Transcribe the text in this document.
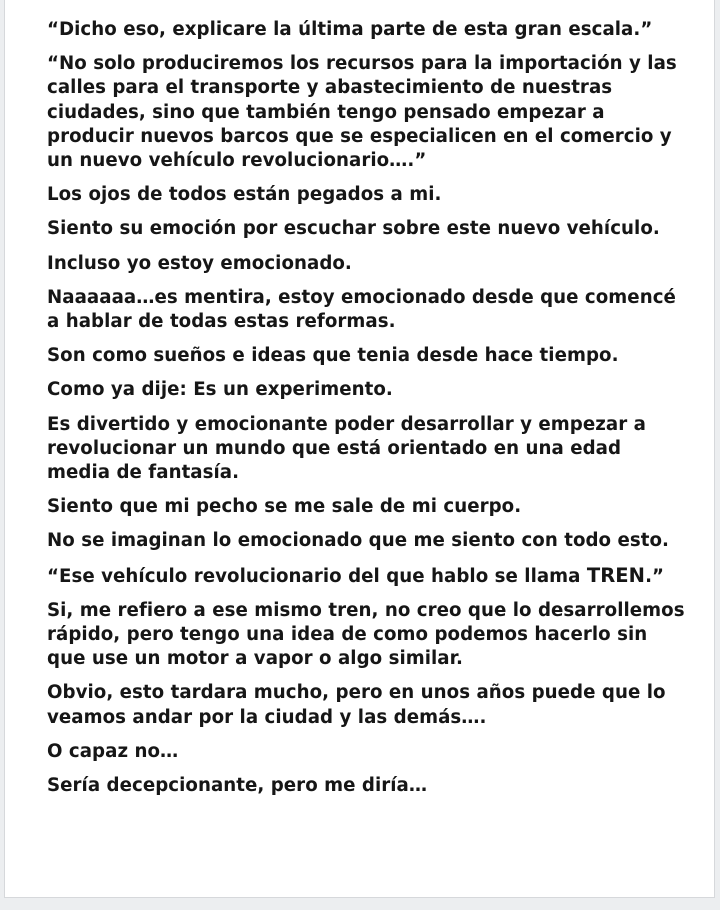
“Dicho eso, explicare la última parte de esta gran escala.”

“No solo produciremos los recursos para la importación y las calles para el transporte y abastecimiento de nuestras ciudades, sino que también tengo pensado empezar a producir nuevos barcos que se especialicen en el comercio y un nuevo vehículo revolucionario….”

Los ojos de todos están pegados a mi.

Siento su emoción por escuchar sobre este nuevo vehículo.

Incluso yo estoy emocionado.

Naaaaaa…es mentira, estoy emocionado desde que comencé a hablar de todas estas reformas.

Son como sueños e ideas que tenia desde hace tiempo.

Como ya dije: Es un experimento.

Es divertido y emocionante poder desarrollar y empezar a revolucionar un mundo que está orientado en una edad media de fantasía.

Siento que mi pecho se me sale de mi cuerpo.

No se imaginan lo emocionado que me siento con todo esto.

“Ese vehículo revolucionario del que hablo se llama TREN.”

Si, me refiero a ese mismo tren, no creo que lo desarrollemos rápido, pero tengo una idea de como podemos hacerlo sin que use un motor a vapor o algo similar.

Obvio, esto tardara mucho, pero en unos años puede que lo veamos andar por la ciudad y las demás….

O capaz no…

Sería decepcionante, pero me diría…
